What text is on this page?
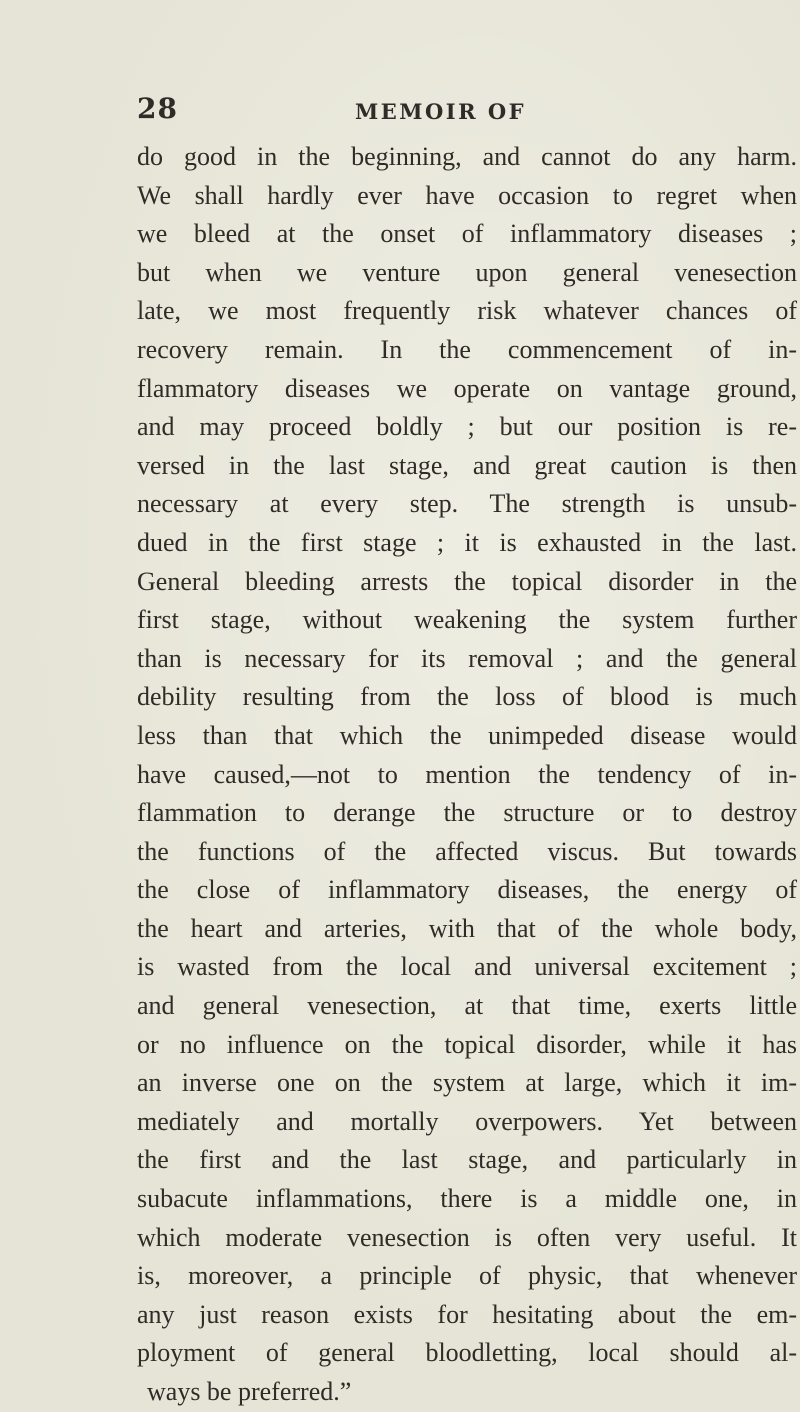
28	MEMOIR OF
do good in the beginning, and cannot do any harm.
We shall hardly ever have occasion to regret when
we bleed at the onset of inflammatory diseases ;
but when we venture upon general venesection
late, we most frequently risk whatever chances of
recovery remain. In the commencement of in-
flammatory diseases we operate on vantage ground,
and may proceed boldly ; but our position is re-
versed in the last stage, and great caution is then
necessary at every step. The strength is unsub-
dued in the first stage ; it is exhausted in the last.
General bleeding arrests the topical disorder in the
first stage, without weakening the system further
than is necessary for its removal ; and the general
debility resulting from the loss of blood is much
less than that which the unimpeded disease would
have caused,—not to mention the tendency of in-
flammation to derange the structure or to destroy
the functions of the affected viscus. But towards
the close of inflammatory diseases, the energy of
the heart and arteries, with that of the whole body,
is wasted from the local and universal excitement ;
and general venesection, at that time, exerts little
or no influence on the topical disorder, while it has
an inverse one on the system at large, which it im-
mediately and mortally overpowers. Yet between
the first and the last stage, and particularly in
subacute inflammations, there is a middle one, in
which moderate venesection is often very useful. It
is, moreover, a principle of physic, that whenever
any just reason exists for hesitating about the em-
ployment of general bloodletting, local should al-
ways be preferred.”
